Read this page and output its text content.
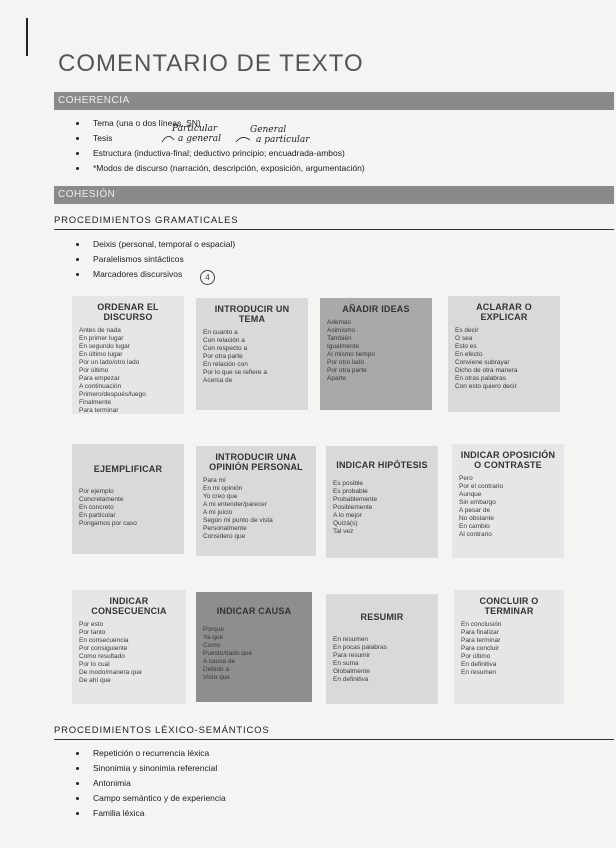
COMENTARIO DE TEXTO
COHERENCIA
Tema (una o dos líneas, SN)
Tesis
Estructura (inductiva-final; deductivo principio; encuadrada-ambos)
*Modos de discurso (narración, descripción, exposición, argumentación)
Particular
a general
General
a particular
COHESIÓN
PROCEDIMIENTOS GRAMATICALES
Deixis (personal, temporal o espacial)
Paralelismos sintácticos
Marcadores discursivos	4
ORDENAR EL DISCURSO
Antes de nada
En primer lugar
En segundo lugar
En último lugar
Por un lado/otro lado
Por último
Para empezar
A continuación
Primero/después/luego
Finalmente
Para terminar
INTRODUCIR UN TEMA
En cuanto a
Con relación a
Con respecto a
Por otra parte
En relación con
Por lo que se refiere a
Acerca de
AÑADIR IDEAS
Además
Asimismo
También
Igualmente
Al mismo tiempo
Por otro lado
Por otra parte
Aparte
ACLARAR O EXPLICAR
Es decir
O sea
Esto es
En efecto
Conviene subrayar
Dicho de otra manera
En otras palabras
Con esto quiero decir
EJEMPLIFICAR
Por ejemplo
Concretamente
En concreto
En particular
Pongamos por caso
INTRODUCIR UNA OPINIÓN PERSONAL
Para mí
En mi opinión
Yo creo que
A mi entender/parecer
A mi juicio
Según mi punto de vista
Personalmente
Considero que
INDICAR HIPÓTESIS
Es posible
Es probable
Probablemente
Posiblemente
A lo mejor
Quizá(s)
Tal vez
INDICAR OPOSICIÓN O CONTRASTE
Pero
Por el contrario
Aunque
Sin embargo
A pesar de
No obstante
En cambio
Al contrario
INDICAR CONSECUENCIA
Por esto
Por tanto
En consecuencia
Por consiguiente
Como resultado
Por lo cual
De modo/manera que
De ahí que
INDICAR CAUSA
Porque
Ya que
Como
Puesto/dado que
A causa de
Debido a
Visto que
RESUMIR
En resumen
En pocas palabras
Para resumir
En suma
Globalmente
En definitiva
CONCLUIR O TERMINAR
En conclusión
Para finalizar
Para terminar
Para concluir
Por último
En definitiva
En resumen
PROCEDIMIENTOS LÉXICO-SEMÁNTICOS
Repetición o recurrencia léxica
Sinonimia y sinonimia referencial
Antonimia
Campo semántico y de experiencia
Familia léxica
